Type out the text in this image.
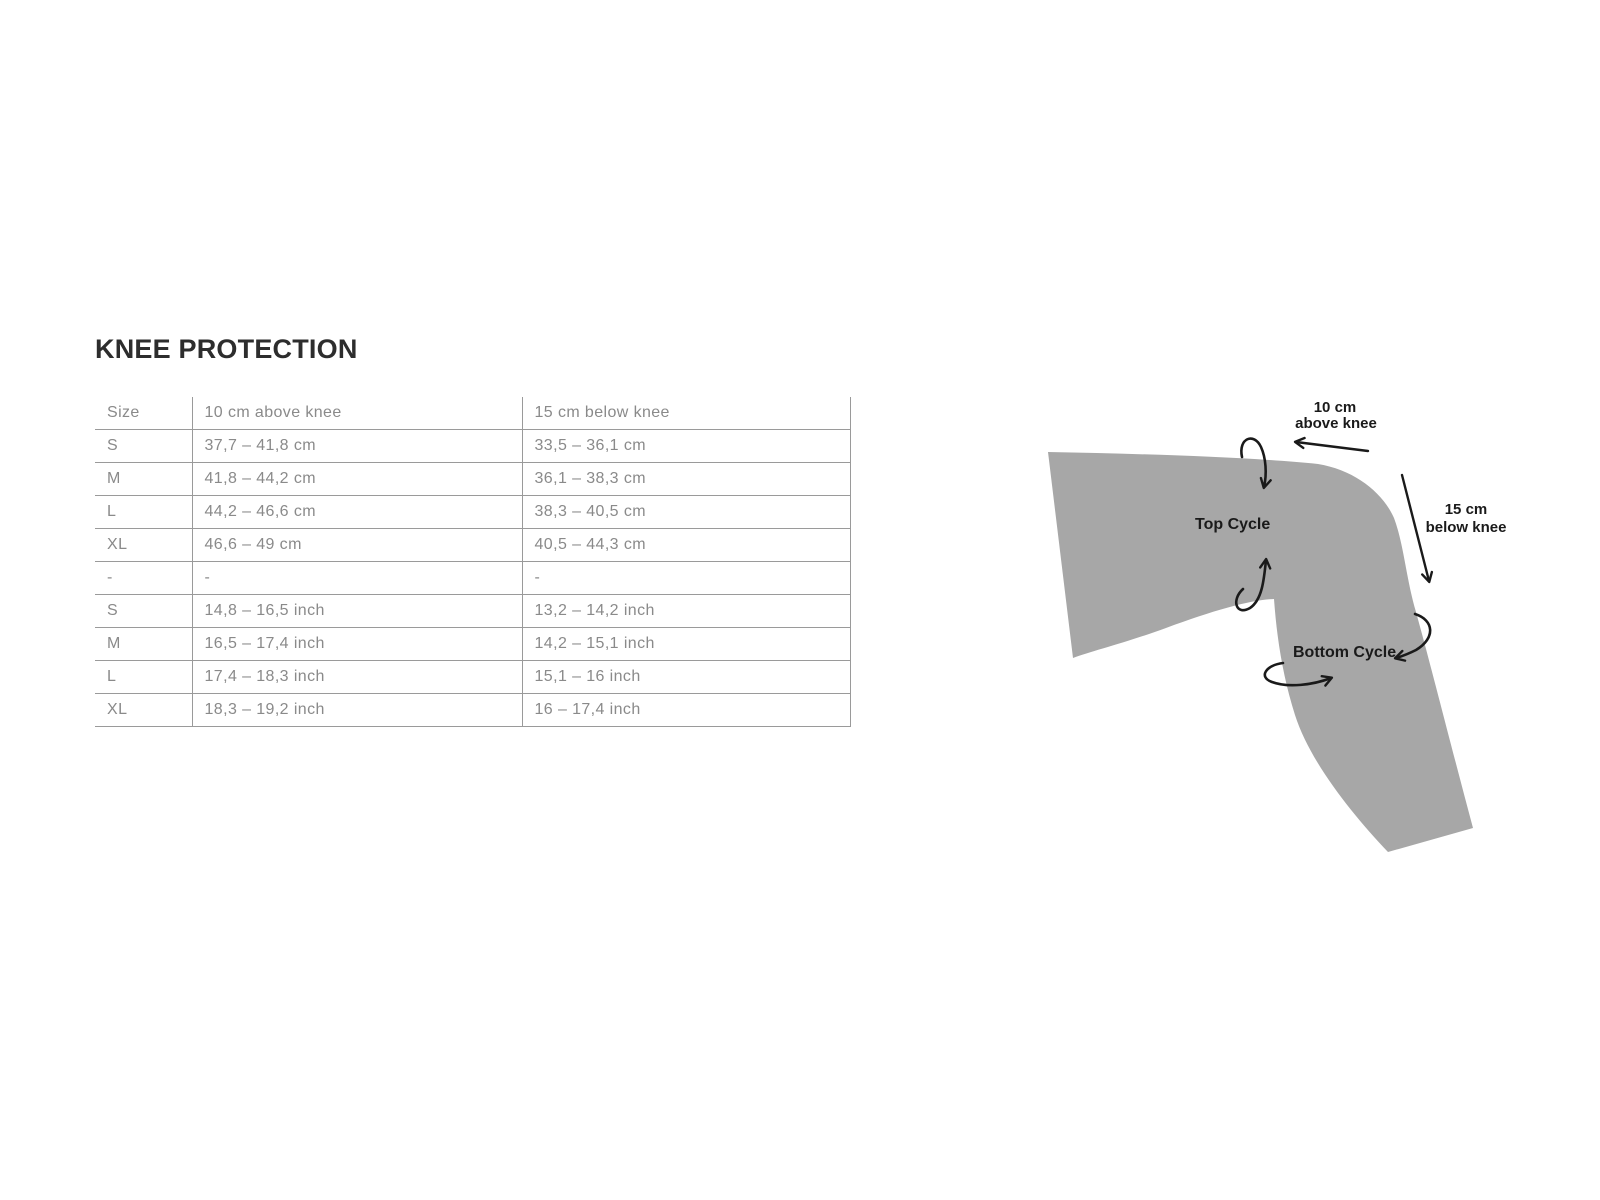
KNEE PROTECTION
Size	10 cm above knee	15 cm below knee
S	37,7 – 41,8 cm	33,5 – 36,1 cm
M	41,8 – 44,2 cm	36,1 – 38,3 cm
L	44,2 – 46,6 cm	38,3 – 40,5 cm
XL	46,6 – 49 cm	40,5 – 44,3 cm
-	-	-
S	14,8 – 16,5 inch	13,2 – 14,2 inch
M	16,5 – 17,4 inch	14,2 – 15,1 inch
L	17,4 – 18,3 inch	15,1 – 16 inch
XL	18,3 – 19,2 inch	16 – 17,4 inch
10 cm
above knee
15 cm
below knee
Top Cycle
Bottom Cycle
